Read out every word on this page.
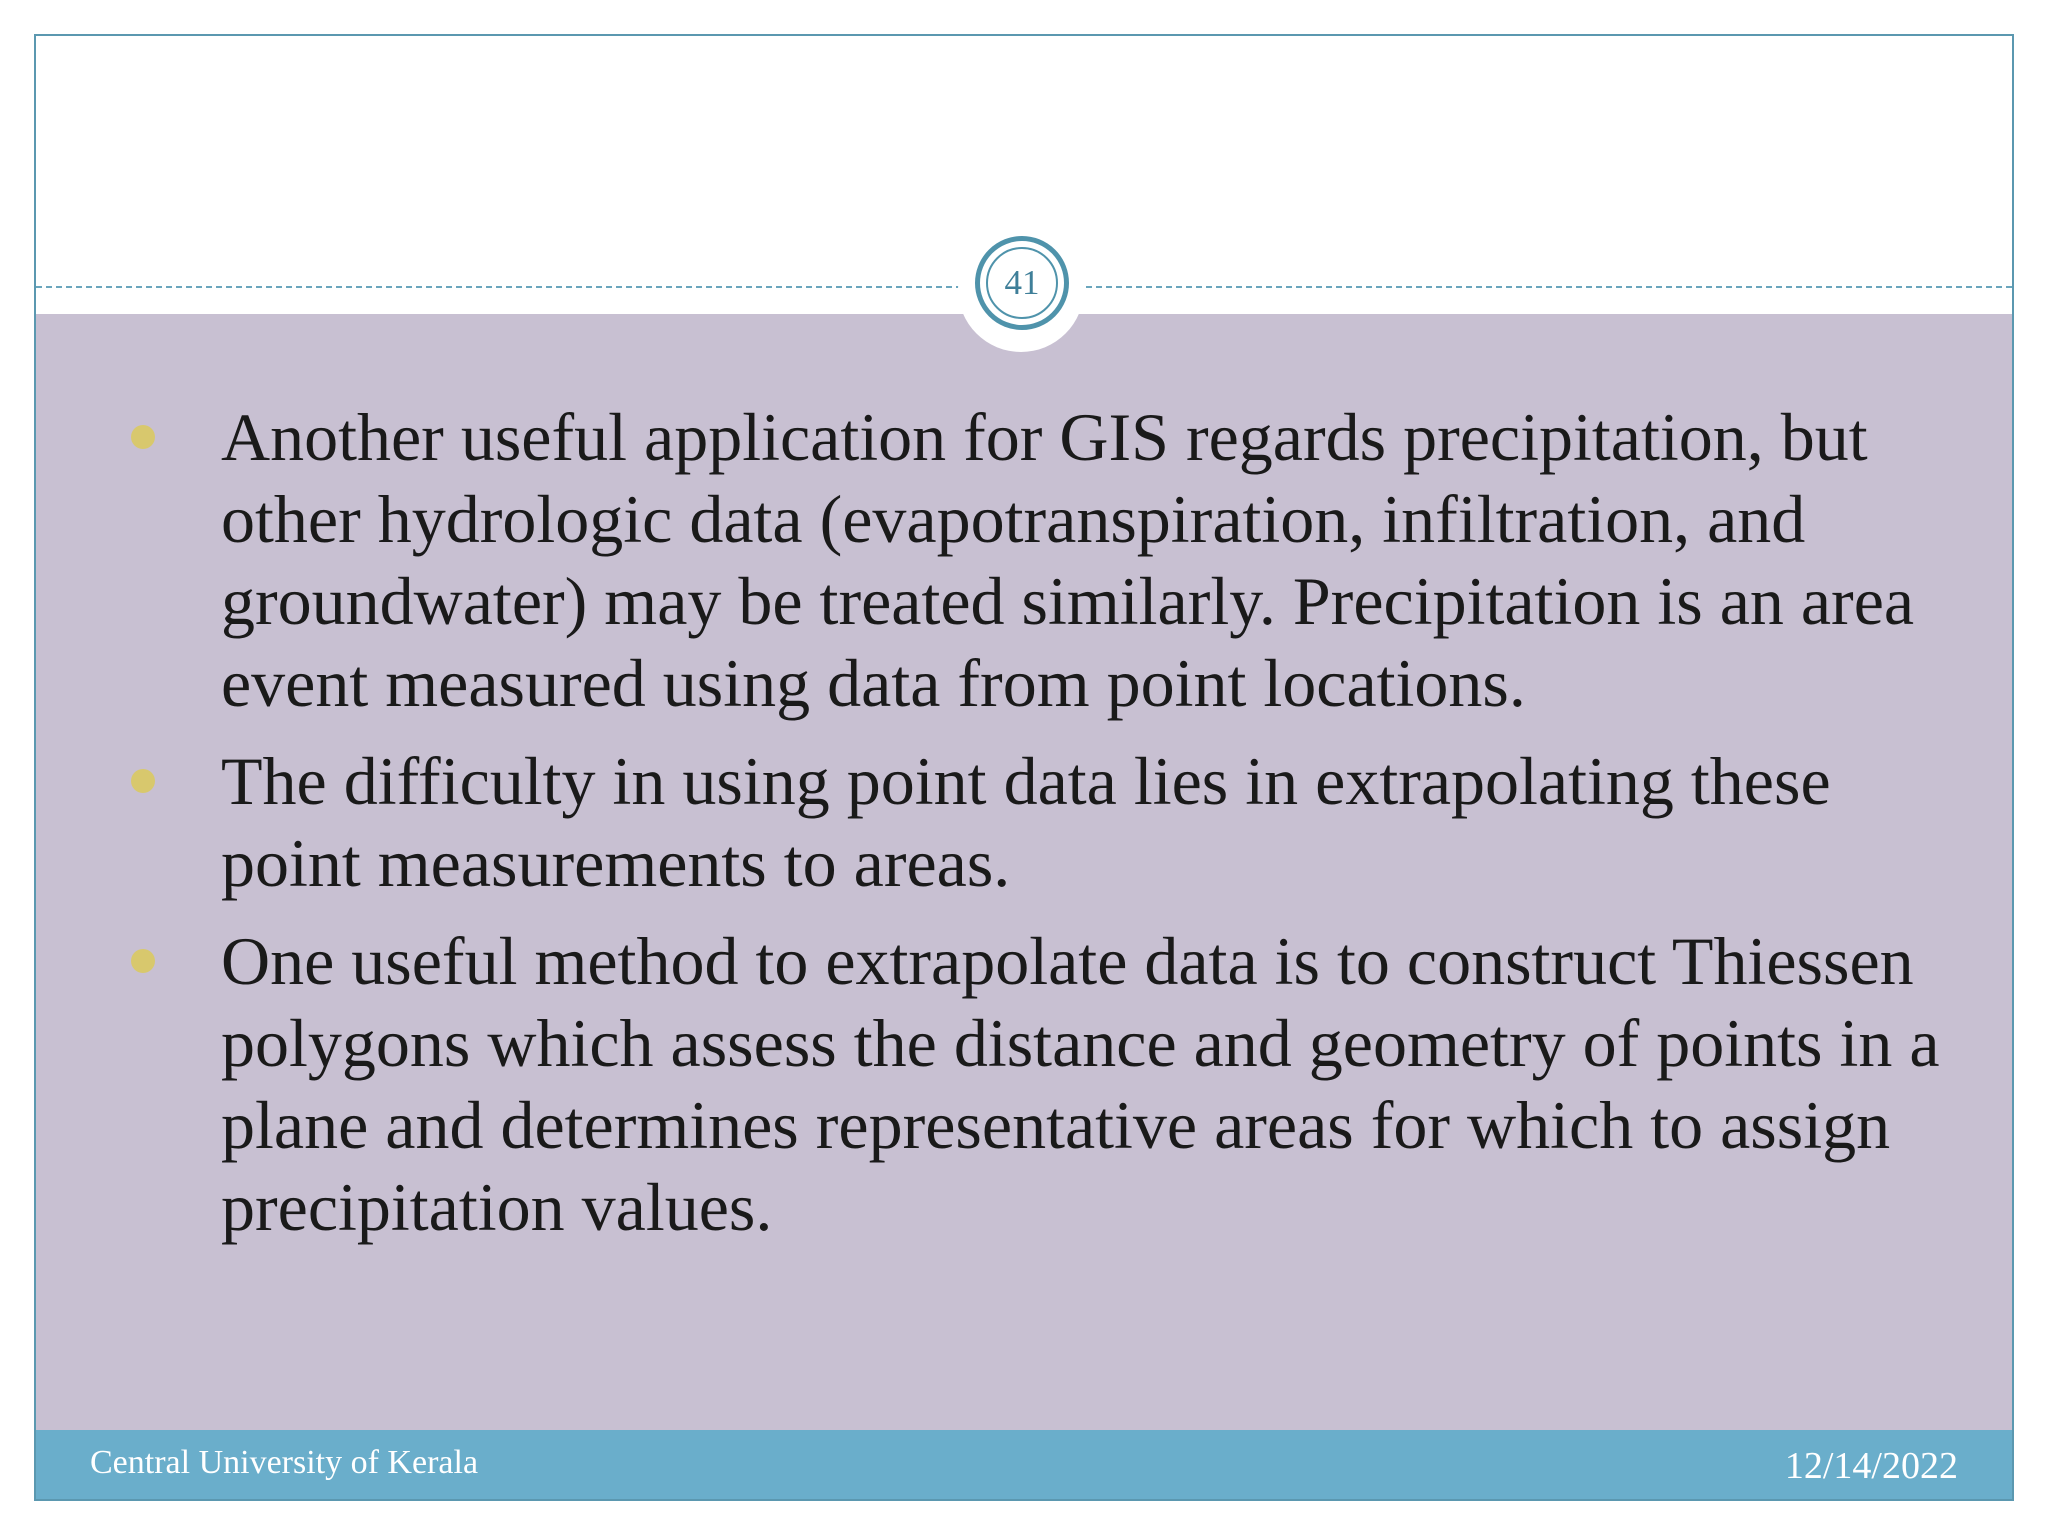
41
Another useful application for GIS regards precipitation, but other hydrologic data (evapotranspiration, infiltration, and groundwater) may be treated similarly. Precipitation is an area event measured using data from point locations.
The difficulty in using point data lies in extrapolating these point measurements to areas.
One useful method to extrapolate data is to construct Thiessen polygons which assess the distance and geometry of points in a plane and determines representative areas for which to assign precipitation values.
Central University of Kerala	12/14/2022
